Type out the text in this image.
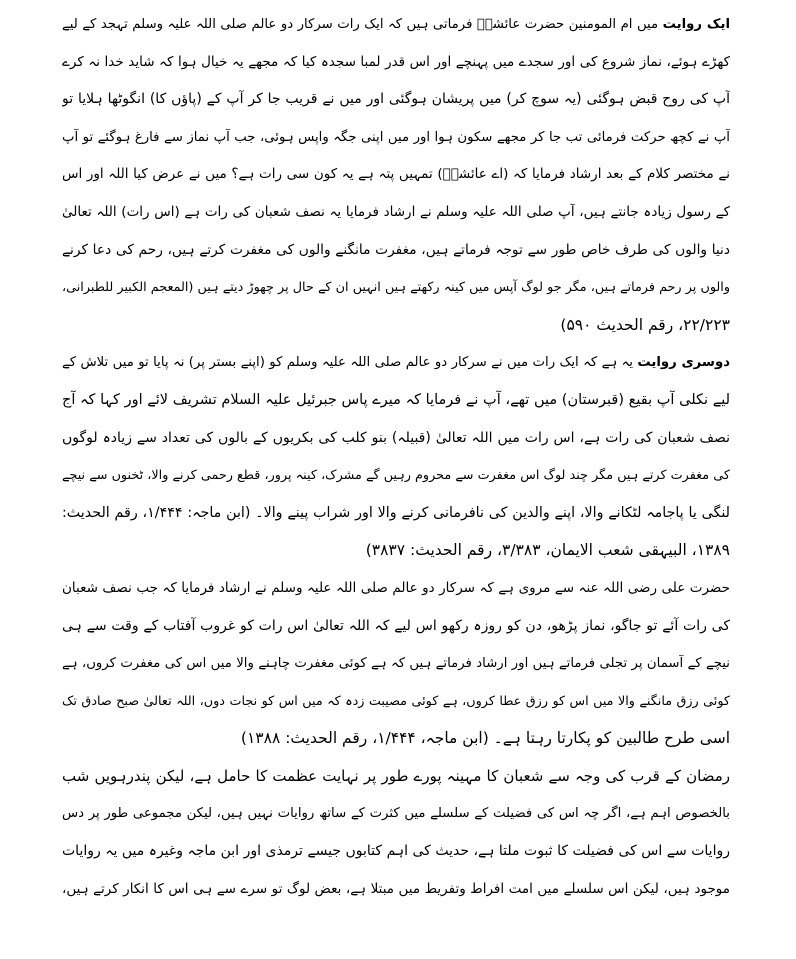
ایک روایت میں ام المومنین حضرت عائشہؓ فرماتی ہیں کہ ایک رات سرکار دو عالم صلی اللہ علیہ وسلم تہجد کے لیے
کھڑے ہوئے، نماز شروع کی اور سجدے میں پہنچے اور اس قدر لمبا سجدہ کیا کہ مجھے یہ خیال ہوا کہ شاید خدا نہ کرے
آپ کی روح قبض ہوگئی (یہ سوچ کر) میں پریشان ہوگئی اور میں نے قریب جا کر آپ کے (پاؤں کا) انگوٹھا ہلایا تو
آپ نے کچھ حرکت فرمائی تب جا کر مجھے سکون ہوا اور میں اپنی جگہ واپس ہوئی، جب آپ نماز سے فارغ ہوگئے تو آپ
نے مختصر کلام کے بعد ارشاد فرمایا کہ (اے عائشہؓ) تمہیں پتہ ہے یہ کون سی رات ہے؟ میں نے عرض کیا اللہ اور اس
کے رسول زیادہ جانتے ہیں، آپ صلی اللہ علیہ وسلم نے ارشاد فرمایا یہ نصف شعبان کی رات ہے (اس رات) اللہ تعالیٰ
دنیا والوں کی طرف خاص طور سے توجہ فرماتے ہیں، مغفرت مانگنے والوں کی مغفرت کرتے ہیں، رحم کی دعا کرنے
والوں پر رحم فرماتے ہیں، مگر جو لوگ آپس میں کینہ رکھتے ہیں انہیں ان کے حال پر چھوڑ دیتے ہیں (المعجم الکبیر للطبرانی،
۲۲/۲۲۳، رقم الحدیث ۵۹۰)
دوسری روایت یہ ہے کہ ایک رات میں نے سرکار دو عالم صلی اللہ علیہ وسلم کو (اپنے بستر پر) نہ پایا تو میں تلاش کے
لیے نکلی آپ بقیع (قبرستان) میں تھے، آپ نے فرمایا کہ میرے پاس جبرئیل علیہ السلام تشریف لائے اور کہا کہ آج
نصف شعبان کی رات ہے، اس رات میں اللہ تعالیٰ (قبیلہ) بنو کلب کی بکریوں کے بالوں کی تعداد سے زیادہ لوگوں
کی مغفرت کرتے ہیں مگر چند لوگ اس مغفرت سے محروم رہیں گے مشرک، کینہ پرور، قطع رحمی کرنے والا، ٹخنوں سے نیچے
لنگی یا پاجامہ لٹکانے والا، اپنے والدین کی نافرمانی کرنے والا اور شراب پینے والا۔ (ابن ماجہ: ۱/۴۴۴، رقم الحدیث:
۱۳۸۹، البیہقی شعب الایمان، ۳/۳۸۳، رقم الحدیث: ۳۸۳۷)
حضرت علی رضی اللہ عنہ سے مروی ہے کہ سرکار دو عالم صلی اللہ علیہ وسلم نے ارشاد فرمایا کہ جب نصف شعبان
کی رات آئے تو جاگو، نماز پڑھو، دن کو روزہ رکھو اس لیے کہ اللہ تعالیٰ اس رات کو غروب آفتاب کے وقت سے ہی
نیچے کے آسمان پر تجلی فرماتے ہیں اور ارشاد فرماتے ہیں کہ ہے کوئی مغفرت چاہنے والا میں اس کی مغفرت کروں، ہے
کوئی رزق مانگنے والا میں اس کو رزق عطا کروں، ہے کوئی مصیبت زدہ کہ میں اس کو نجات دوں، اللہ تعالیٰ صبح صادق تک
اسی طرح طالبین کو پکارتا رہتا ہے۔ (ابن ماجہ، ۱/۴۴۴، رقم الحدیث: ۱۳۸۸)
رمضان کے قرب کی وجہ سے شعبان کا مہینہ پورے طور پر نہایت عظمت کا حامل ہے، لیکن پندرہویں شب
بالخصوص اہم ہے، اگر چہ اس کی فضیلت کے سلسلے میں کثرت کے ساتھ روایات نہیں ہیں، لیکن مجموعی طور پر دس
روایات سے اس کی فضیلت کا ثبوت ملتا ہے، حدیث کی اہم کتابوں جیسے ترمذی اور ابن ماجہ وغیرہ میں یہ روایات
موجود ہیں، لیکن اس سلسلے میں امت افراط وتفریط میں مبتلا ہے، بعض لوگ تو سرے سے ہی اس کا انکار کرتے ہیں،
